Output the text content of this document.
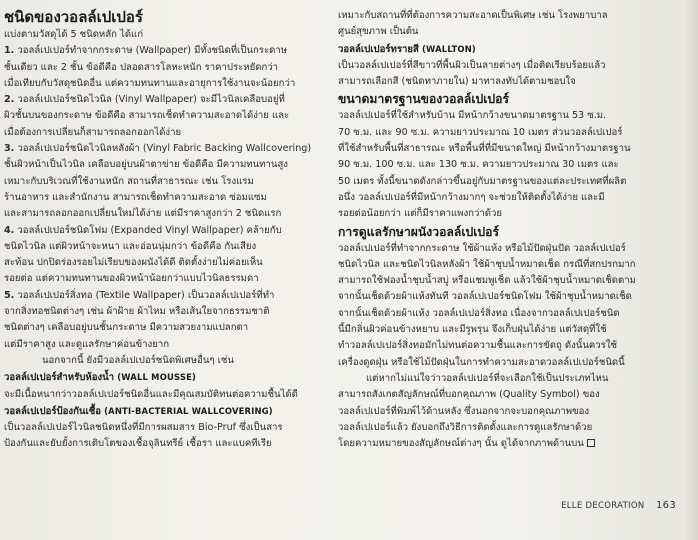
ชนิดของวอลล์เปเปอร์

แบ่งตามวัสดุได้ 5 ชนิดหลัก ได้แก่

1. วอลล์เปเปอร์ทำจากกระดาษ (Wallpaper) มีทั้งชนิดที่เป็นกระดาษ

ชั้นเดียว และ 2 ชั้น ข้อดีคือ ปลอดสารโลหะหนัก ราคาประหยัดกว่า

เมื่อเทียบกับวัสดุชนิดอื่น แต่ความทนทานและอายุการใช้งานจะน้อยกว่า

2. วอลล์เปเปอร์ชนิดไวนิล (Vinyl Wallpaper) จะมีไวนิลเคลือบอยู่ที่

ผิวชั้นบนของกระดาษ ข้อดีคือ สามารถเช็ดทำความสะอาดได้ง่าย และ

เมื่อต้องการเปลี่ยนก็สามารถลอกออกได้ง่าย

3. วอลล์เปเปอร์ชนิดไวนิลหลังผ้า (Vinyl Fabric Backing Wallcovering)

ชั้นผิวหน้าเป็นไวนิล เคลือบอยู่บนผ้าตาข่าย ข้อดีคือ มีความทนทานสูง

เหมาะกับบริเวณที่ใช้งานหนัก สถานที่สาธารณะ เช่น โรงแรม

ร้านอาหาร และสำนักงาน สามารถเช็ดทำความสะอาด ซ่อมแซม

และสามารถลอกออกเปลี่ยนใหม่ได้ง่าย แต่มีราคาสูงกว่า 2 ชนิดแรก

4. วอลล์เปเปอร์ชนิดโฟม (Expanded Vinyl Wallpaper) คล้ายกับ

ชนิดไวนิล แต่ผิวหน้าจะหนา และอ่อนนุ่มกว่า ข้อดีคือ กันเสียง

สะท้อน ปกปิดร่องรอยไม่เรียบของผนังได้ดี ติดตั้งง่ายไม่ค่อยเห็น

รอยต่อ แต่ความทนทานของผิวหน้าน้อยกว่าแบบไวนิลธรรมดา

5. วอลล์เปเปอร์สิ่งทอ (Textile Wallpaper) เป็นวอลล์เปเปอร์ที่ทำ

จากสิ่งทอชนิดต่างๆ เช่น ผ้าฝ้าย ผ้าไหม หรือเส้นใยจากธรรมชาติ

ชนิดต่างๆ เคลือบอยู่บนชั้นกระดาษ มีความสวยงามแปลกตา

แต่มีราคาสูง และดูแลรักษาค่อนข้างยาก

นอกจากนี้ ยังมีวอลล์เปเปอร์ชนิดพิเศษอื่นๆ เช่น

วอลล์เปเปอร์สำหรับห้องน้ำ (WALL MOUSSE)

จะมีเนื้อหนากว่าวอลล์เปเปอร์ชนิดอื่นและมีคุณสมบัติทนต่อความชื้นได้ดี

วอลล์เปเปอร์ป้องกันเชื้อ (ANTI-BACTERIAL WALLCOVERING)

เป็นวอลล์เปเปอร์ไวนิลชนิดหนึ่งที่มีการผสมสาร Bio-Pruf ซึ่งเป็นสาร

ป้องกันและยับยั้งการเติบโตของเชื้อจุลินทรีย์ เชื้อรา และแบคทีเรีย

เหมาะกับสถานที่ที่ต้องการความสะอาดเป็นพิเศษ เช่น โรงพยาบาล

ศูนย์สุขภาพ เป็นต้น

วอลล์เปเปอร์ทรายสี (WALLTON)

เป็นวอลล์เปเปอร์ที่สีขาวที่พื้นผิวเป็นลายต่างๆ เมื่อติดเรียบร้อยแล้ว

สามารถเลือกสี (ชนิดทาภายใน) มาทาลงทับได้ตามชอบใจ

ขนาดมาตรฐานของวอลล์เปเปอร์

วอลล์เปเปอร์ที่ใช้สำหรับบ้าน มีหน้ากว้างขนาดมาตรฐาน 53 ซ.ม.

70 ซ.ม. และ 90 ซ.ม. ความยาวประมาณ 10 เมตร ส่วนวอลล์เปเปอร์

ที่ใช้สำหรับพื้นที่สาธารณะ หรือพื้นที่ที่มีขนาดใหญ่ มีหน้ากว้างมาตรฐาน

90 ซ.ม. 100 ซ.ม. และ 130 ซ.ม. ความยาวประมาณ 30 เมตร และ

50 เมตร ทั้งนี้ขนาดดังกล่าวขึ้นอยู่กับมาตรฐานของแต่ละประเทศที่ผลิต

อนึ่ง วอลล์เปเปอร์ที่มีหน้ากว้างมากๆ จะช่วยให้ติดตั้งได้ง่าย และมี

รอยต่อน้อยกว่า แต่ก็มีราคาแพงกว่าด้วย

การดูแลรักษาผนังวอลล์เปเปอร์

วอลล์เปเปอร์ที่ทำจากกระดาษ ใช้ผ้าแห้ง หรือไม้ปัดฝุ่นปัด วอลล์เปเปอร์

ชนิดไวนิล และชนิดไวนิลหลังผ้า ใช้ผ้าชุบน้ำหมาดเช็ด กรณีที่สกปรกมาก

สามารถใช้ฟองน้ำชุบน้ำสบู่ หรือแชมพูเช็ด แล้วใช้ผ้าชุบน้ำหมาดเช็ดตาม

จากนั้นเช็ดด้วยผ้าแห้งทันที วอลล์เปเปอร์ชนิดโฟม ใช้ผ้าชุบน้ำหมาดเช็ด

จากนั้นเช็ดด้วยผ้าแห้ง วอลล์เปเปอร์สิ่งทอ เนื่องจากวอลล์เปเปอร์ชนิด

นี้มีกลิ่นผิวค่อนข้างหยาบ และมีรูพรุน จึงเก็บฝุ่นได้ง่าย แต่วัสดุที่ใช้

ทำวอลล์เปเปอร์สิ่งทอมักไม่ทนต่อความชื้นและการขัดถู ดังนั้นควรใช้

เครื่องดูดฝุ่น หรือใช้ไม้ปัดฝุ่นในการทำความสะอาดวอลล์เปเปอร์ชนิดนี้

แต่หากไม่แน่ใจว่าวอลล์เปเปอร์ที่จะเลือกใช้เป็นประเภทไหน

สามารถสังเกตสัญลักษณ์ที่บอกคุณภาพ (Quality Symbol) ของ

วอลล์เปเปอร์ที่พิมพ์ไว้ด้านหลัง ซึ่งนอกจากจะบอกคุณภาพของ

วอลล์เปเปอร์แล้ว ยังบอกถึงวิธีการติดตั้งและการดูแลรักษาด้วย

โดยความหมายของสัญลักษณ์ต่างๆ นั้น ดูได้จากภาพด้านบน

ELLE DECORATION 163
